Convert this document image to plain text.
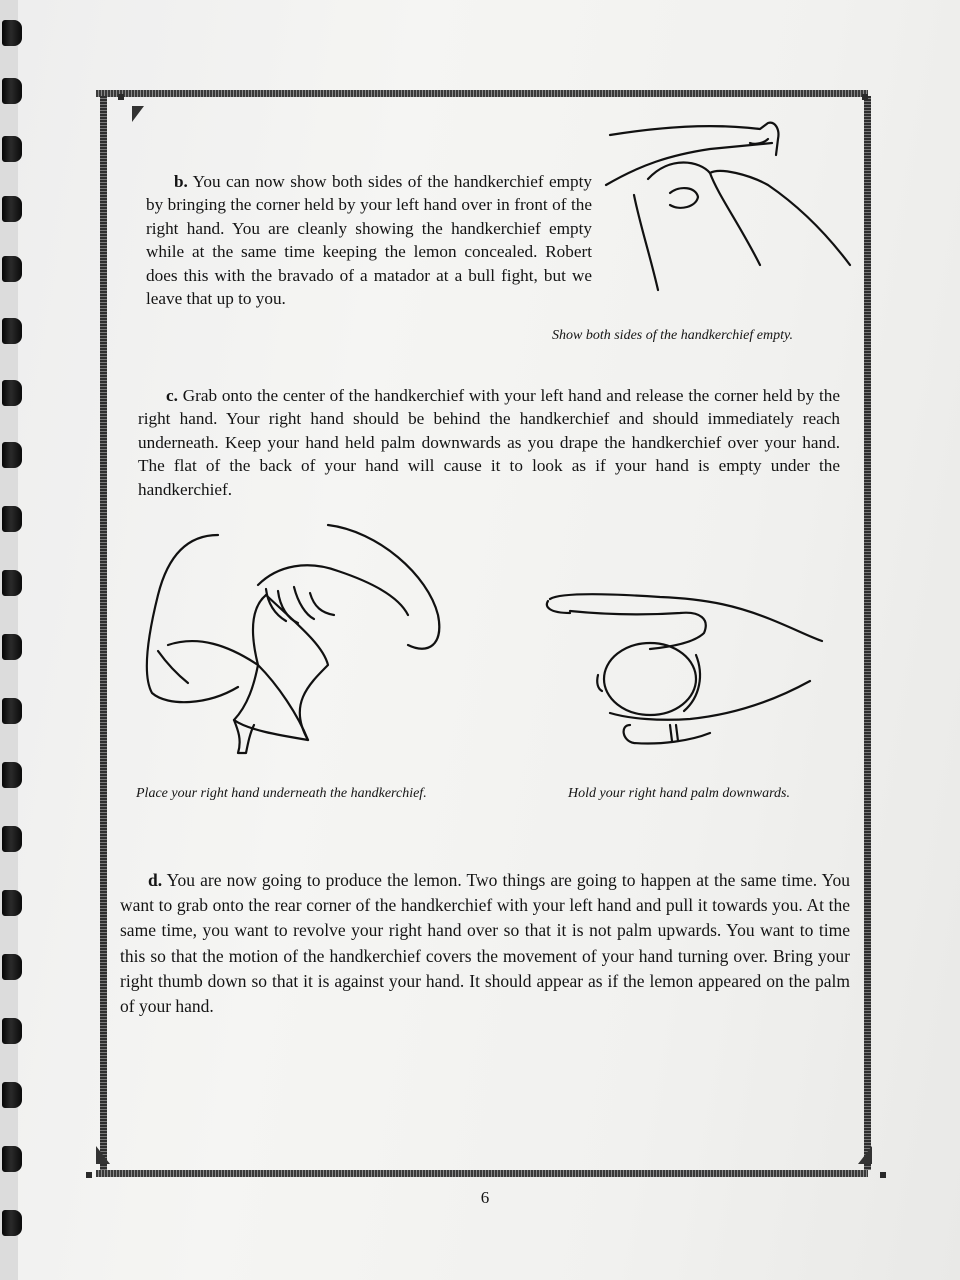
b. You can now show both sides of the handkerchief empty by bringing the corner held by your left hand over in front of the right hand. You are cleanly showing the handkerchief empty while at the same time keeping the lemon concealed. Robert does this with the bravado of a matador at a bull fight, but we leave that up to you.

Show both sides of the handkerchief empty.

c. Grab onto the center of the handkerchief with your left hand and release the corner held by the right hand. Your right hand should be behind the handkerchief and should immediately reach underneath. Keep your hand held palm downwards as you drape the handkerchief over your hand. The flat of the back of your hand will cause it to look as if your hand is empty under the handkerchief.

Place your right hand underneath the handkerchief.	Hold your right hand palm downwards.

d. You are now going to produce the lemon. Two things are going to happen at the same time. You want to grab onto the rear corner of the handkerchief with your left hand and pull it towards you. At the same time, you want to revolve your right hand over so that it is not palm upwards. You want to time this so that the motion of the handkerchief covers the movement of your hand turning over. Bring your right thumb down so that it is against your hand. It should appear as if the lemon appeared on the palm of your hand.

6
